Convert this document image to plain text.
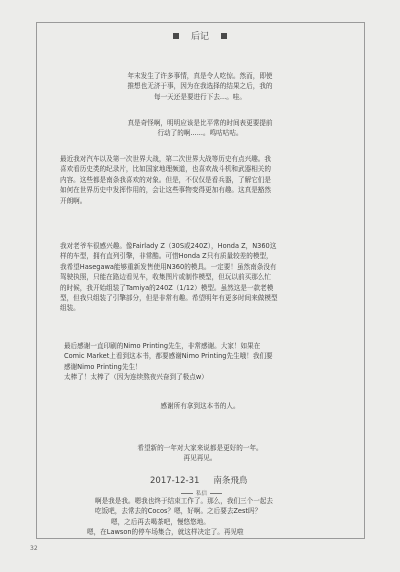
后记
年末发生了许多事情，真是令人吃惊。然而，即使
推想也无济于事，因为在我选择的结果之后，我的
每一天还是要进行下去...。哇。
真是奇怪啊，明明应该是比平常的时间表更要提前
行动了的啊......。鸣咕咕咕。
最近我对汽车以及第一次世界大战，第二次世界大战等历史有点兴趣。我
喜欢看历史类的纪录片，比如国家地理频道，也喜欢战斗机和武器相关的
内容。这些都是南条我喜欢的对象。但是，不仅仅是看兵器，了解它们是
如何在世界历史中发挥作用的，会让这些事物变得更加有趣。这真是豁然
开朗啊。
我对老爷车很感兴趣。像Fairlady Z（30S或240Z），Honda Z，N360这
样的车型，拥有直列引擎，非常酷。可惜Honda Z只有质量较差的模型，
我希望Hasegawa能够重新发售使用N360的模具。一定要！虽然南条没有
驾驶执照，只能在路边看见车，收集图片或制作模型，但玩以前买那么忙
的时候，我开始组装了Tamiya的240Z（1/12）模型。虽然这是一款老模
型，但我只组装了引擎部分，但是非常有趣。希望明年有更多时间来做模型
组装。
最后感谢一直印刷的Nimo Printing先生，非常感谢。大家！如果在
Comic Market上看到这本书，都要感谢Nimo Printing先生哦！我们要
感谢Nimo Printing先生！
太棒了！太棒了（因为连续熬夜兴奋到了极点w）
感谢所有拿到这本书的人。
希望新的一年对大家来说都是更好的一年。
再见再见。
2017-12-31 南条飛鳥
私信
啊是我是我。嗯我也终于结束工作了。那么，我们三个一起去
吃饭吧，去常去的Cocos？嗯，好啊。之后要去Zest吗？
嗯，之后再去喝茶吧，慢悠悠地。
嗯，在Lawson的停车场集合，就这样决定了。再见啦
32
